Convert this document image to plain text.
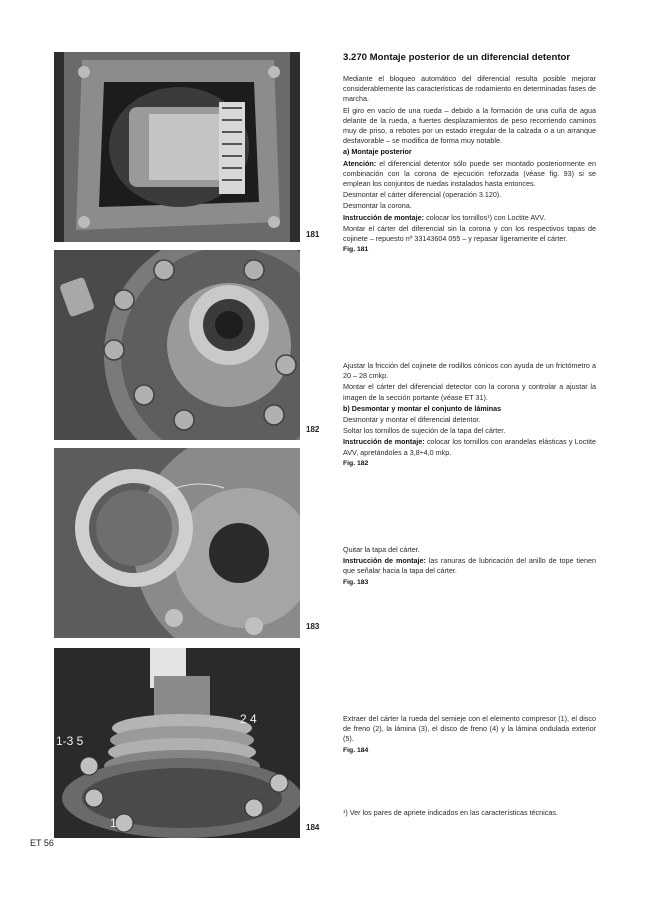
181
182
183
2 4
1-3 5
1	184
3.270 Montaje posterior de un diferencial detentor

Mediante el bloqueo automático del diferencial resulta posible mejorar considerablemente las características de rodamiento en determinadas fases de marcha.

El giro en vacío de una rueda – debido a la formación de una cuña de agua delante de la rueda, a fuertes desplazamientos de peso recorriendo caminos muy de priso, a rebotes por un estado irregular de la calzada o a un arranque desfavorable – se modifica de forma muy notable.

a) Montaje posterior

Atención: el diferencial detentor sólo puede ser montado posteriormente en combinación con la corona de ejecución reforzada (véase fig. 93) si se emplean los conjuntos de ruedas instalados hasta entonces.

Desmontar el cárter diferencial (operación 3.120).

Desmontar la corona.

Instrucción de montaje: colocar los tornillos¹) con Loctite AVV.

Montar el cárter del diferencial sin la corona y con los respectivos tapas de cojinete – repuesto nº 33143604 055 – y repasar ligeramente el cárter.

Fig. 181

Ajustar la fricción del cojinete de rodillos cónicos con ayuda de un frictómetro a 20 – 28 cmkp.

Montar el cárter del diferencial detector con la corona y controlar a ajustar la imagen de la sección portante (véase ET 31).

b) Desmontar y montar el conjunto de láminas

Desmontar y montar el diferencial detentor.

Soltar los tornillos de sujeción de la tapa del cárter.

Instrucción de montaje: colocar los tornillos con arandelas elásticas y Loctite AVV, apretándoles a 3,8÷4,0 mkp.

Fig. 182

Quitar la tapa del cárter.

Instrucción de montaje: las ranuras de lubricación del anillo de tope tienen que señalar hacia la tapa del cárter.

Fig. 183

Extraer del cárter la rueda del semieje con el elemento compresor (1), el disco de freno (2), la lámina (3), el disco de freno (4) y la lámina ondulada exterior (5).

Fig. 184

¹) Ver los pares de apriete indicados en las características técnicas.
ET 56
